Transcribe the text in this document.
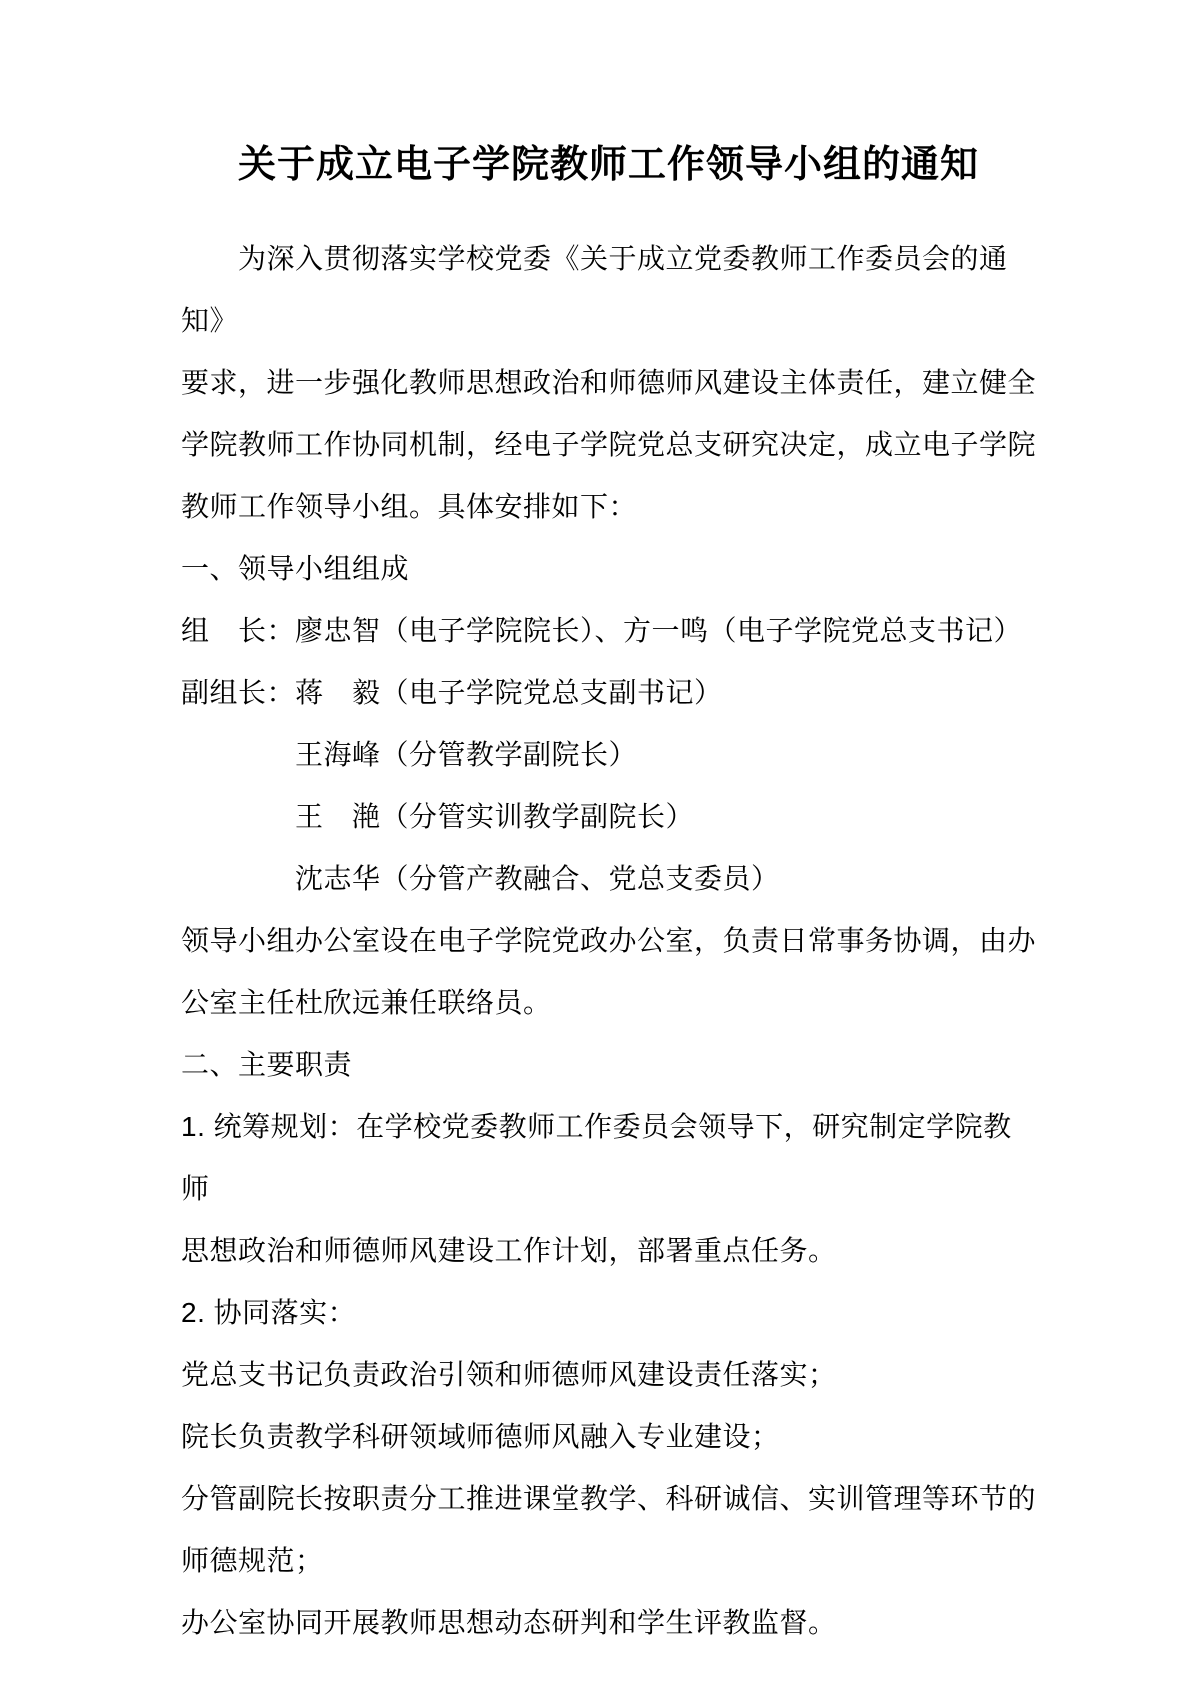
关于成立电子学院教师工作领导小组的通知
　　为深入贯彻落实学校党委《关于成立党委教师工作委员会的通知》
要求，进一步强化教师思想政治和师德师风建设主体责任，建立健全
学院教师工作协同机制，经电子学院党总支研究决定，成立电子学院
教师工作领导小组。具体安排如下：
一、领导小组组成
组　长：廖忠智（电子学院院长）、方一鸣（电子学院党总支书记）
副组长：蒋　毅（电子学院党总支副书记）
　　　　王海峰（分管教学副院长）
　　　　王　滟（分管实训教学副院长）
　　　　沈志华（分管产教融合、党总支委员）
领导小组办公室设在电子学院党政办公室，负责日常事务协调，由办
公室主任杜欣远兼任联络员。
二、主要职责
1. 统筹规划：在学校党委教师工作委员会领导下，研究制定学院教师
思想政治和师德师风建设工作计划，部署重点任务。
2. 协同落实：
党总支书记负责政治引领和师德师风建设责任落实；
院长负责教学科研领域师德师风融入专业建设；
分管副院长按职责分工推进课堂教学、科研诚信、实训管理等环节的
师德规范；
办公室协同开展教师思想动态研判和学生评教监督。
